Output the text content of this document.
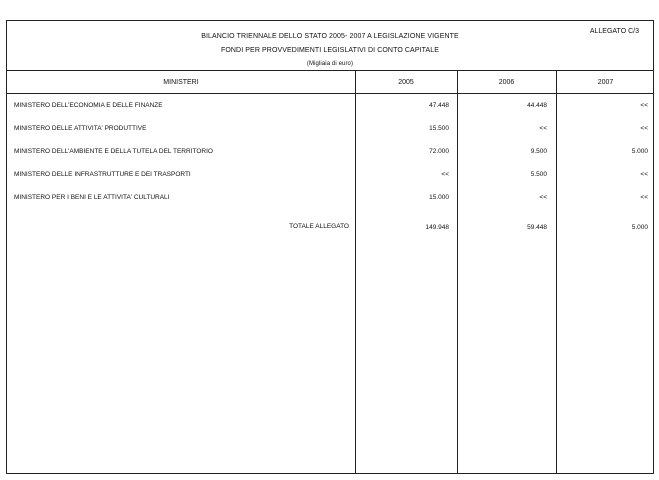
ALLEGATO C/3
BILANCIO TRIENNALE DELLO STATO 2005- 2007 A LEGISLAZIONE VIGENTE
FONDI PER PROVVEDIMENTI LEGISLATIVI DI CONTO CAPITALE
(Migliaia di euro)
MINISTERI	2005	2006	2007
MINISTERO DELL'ECONOMIA E DELLE FINANZE	47.448	44.448	<<
MINISTERO DELLE ATTIVITA' PRODUTTIVE	15.500	<<	<<
MINISTERO DELL'AMBIENTE E DELLA TUTELA DEL TERRITORIO	72.000	9.500	5.000
MINISTERO DELLE INFRASTRUTTURE E DEI TRASPORTI	<<	5.500	<<
MINISTERO PER I BENI E LE ATTIVITA' CULTURALI	15.000	<<	<<
TOTALE ALLEGATO	149.948	59.448	5.000
